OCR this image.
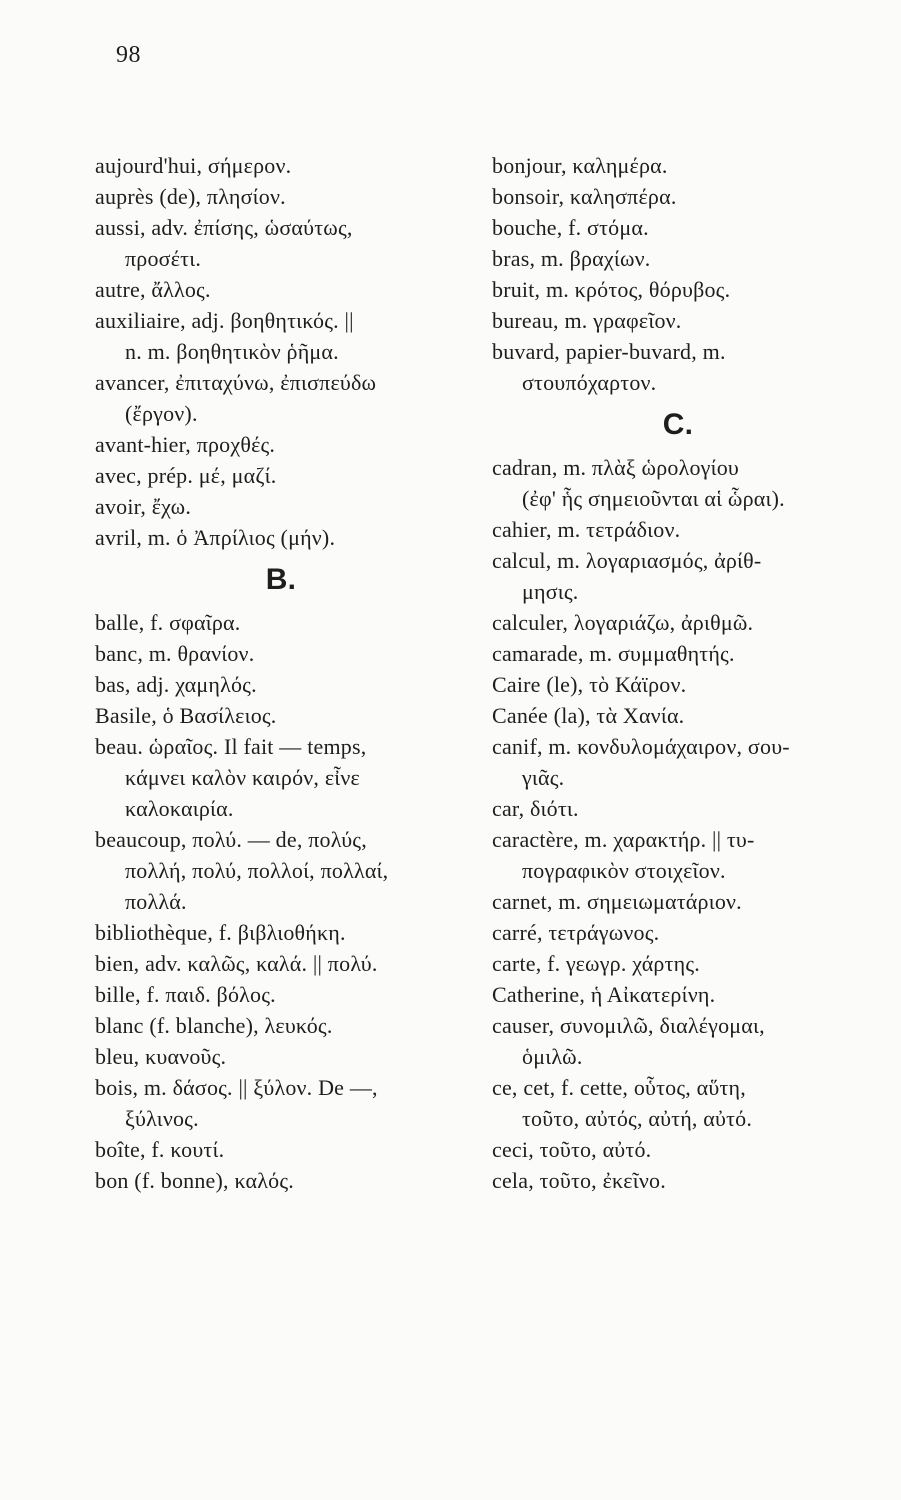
98
aujourd'hui, σήμερον.
auprès (de), πλησίον.
aussi, adv. ἐπίσης, ὡσαύτως,
προσέτι.
autre, ἄλλος.
auxiliaire, adj. βοηθητικός. ||
n. m. βοηθητικὸν ῥῆμα.
avancer, ἐπιταχύνω, ἐπισπεύδω
(ἔργον).
avant-hier, προχθές.
avec, prép. μέ, μαζί.
avoir, ἔχω.
avril, m. ὁ Ἀπρίλιος (μήν).
B.
balle, f. σφαῖρα.
banc, m. θρανίον.
bas, adj. χαμηλός.
Basile, ὁ Βασίλειος.
beau. ὡραῖος. Il fait — temps,
κάμνει καλὸν καιρόν, εἶνε
καλοκαιρία.
beaucoup, πολύ. — de, πολύς,
πολλή, πολύ, πολλοί, πολλαί,
πολλά.
bibliothèque, f. βιβλιοθήκη.
bien, adv. καλῶς, καλά. || πολύ.
bille, f. παιδ. βόλος.
blanc (f. blanche), λευκός.
bleu, κυανοῦς.
bois, m. δάσος. || ξύλον. De —,
ξύλινος.
boîte, f. κουτί.
bon (f. bonne), καλός.
bonjour, καλημέρα.
bonsoir, καλησπέρα.
bouche, f. στόμα.
bras, m. βραχίων.
bruit, m. κρότος, θόρυβος.
bureau, m. γραφεῖον.
buvard, papier-buvard, m.
στουπόχαρτον.
C.
cadran, m. πλὰξ ὡρολογίου
(ἐφ' ἧς σημειοῦνται αἱ ὧραι).
cahier, m. τετράδιον.
calcul, m. λογαριασμός, ἀρίθ-
μησις.
calculer, λογαριάζω, ἀριθμῶ.
camarade, m. συμμαθητής.
Caire (le), τὸ Κάϊρον.
Canée (la), τὰ Χανία.
canif, m. κονδυλομάχαιρον, σου-
γιᾶς.
car, διότι.
caractère, m. χαρακτήρ. || τυ-
πογραφικὸν στοιχεῖον.
carnet, m. σημειωματάριον.
carré, τετράγωνος.
carte, f. γεωγρ. χάρτης.
Catherine, ἡ Αἰκατερίνη.
causer, συνομιλῶ, διαλέγομαι,
ὁμιλῶ.
ce, cet, f. cette, οὗτος, αὕτη,
τοῦτο, αὐτός, αὐτή, αὐτό.
ceci, τοῦτο, αὐτό.
cela, τοῦτο, ἐκεῖνο.
